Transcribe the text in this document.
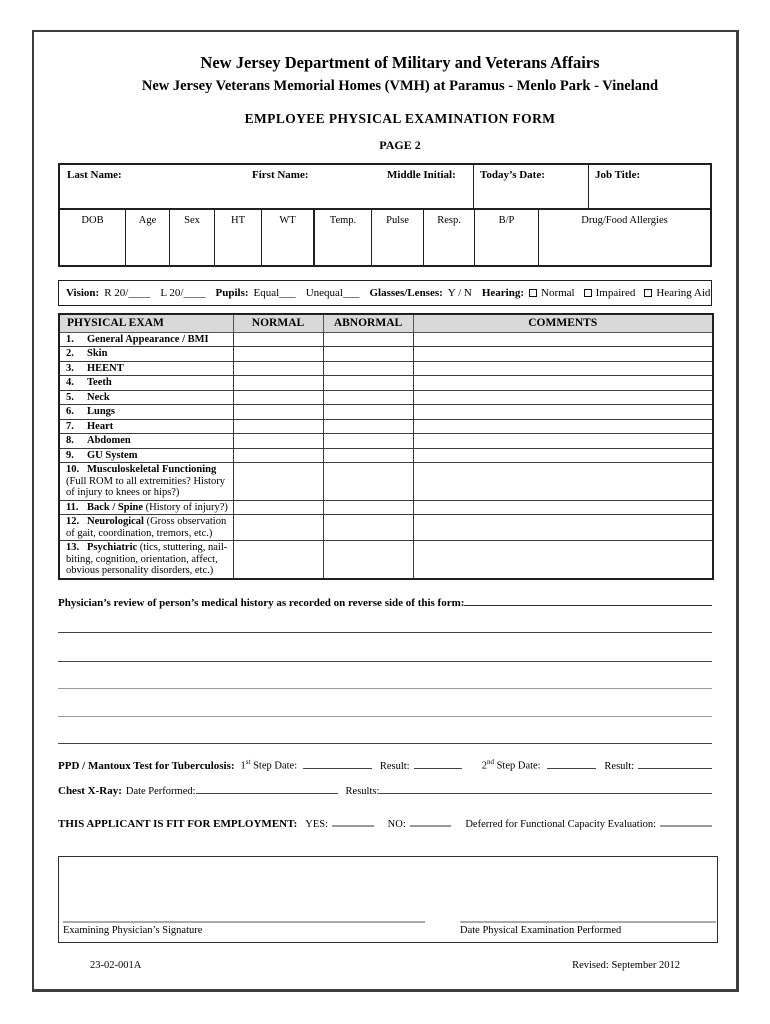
New Jersey Department of Military and Veterans Affairs
New Jersey Veterans Memorial Homes (VMH) at Paramus - Menlo Park - Vineland
EMPLOYEE PHYSICAL EXAMINATION FORM
PAGE 2
Last Name:	First Name:	Middle Initial: Today’s Date:	Job Title:
DOB	Age	Sex	HT	WT	Temp.	Pulse	Resp.	B/P	Drug/Food Allergies
Vision: R 20/____ L 20/____ Pupils: Equal___ Unequal___ Glasses/Lenses: Y / N Hearing: Normal Impaired Hearing Aid
PHYSICAL EXAM	NORMAL	ABNORMAL	COMMENTS
1. General Appearance / BMI			
2. Skin			
3. HEENT			
4. Teeth			
5. Neck			
6. Lungs			
7. Heart			
8. Abdomen			
9. GU System			
10. Musculoskeletal Functioning (Full ROM to all extremities? History of injury to knees or hips?)			
11. Back / Spine (History of injury?)			
12. Neurological (Gross observation of gait, coordination, tremors, etc.)			
13. Psychiatric (tics, stuttering, nail-biting, cognition, orientation, affect, obvious personality disorders, etc.)			
Physician’s review of person’s medical history as recorded on reverse side of this form:
PPD / Mantoux Test for Tuberculosis: 1st Step Date:	Result:	2nd Step Date:	Result:
Chest X-Ray: Date Performed:	Results:
THIS APPLICANT IS FIT FOR EMPLOYMENT: YES:	NO:	Deferred for Functional Capacity Evaluation:
Examining Physician’s Signature	Date Physical Examination Performed
23-02-001A	Revised: September 2012
